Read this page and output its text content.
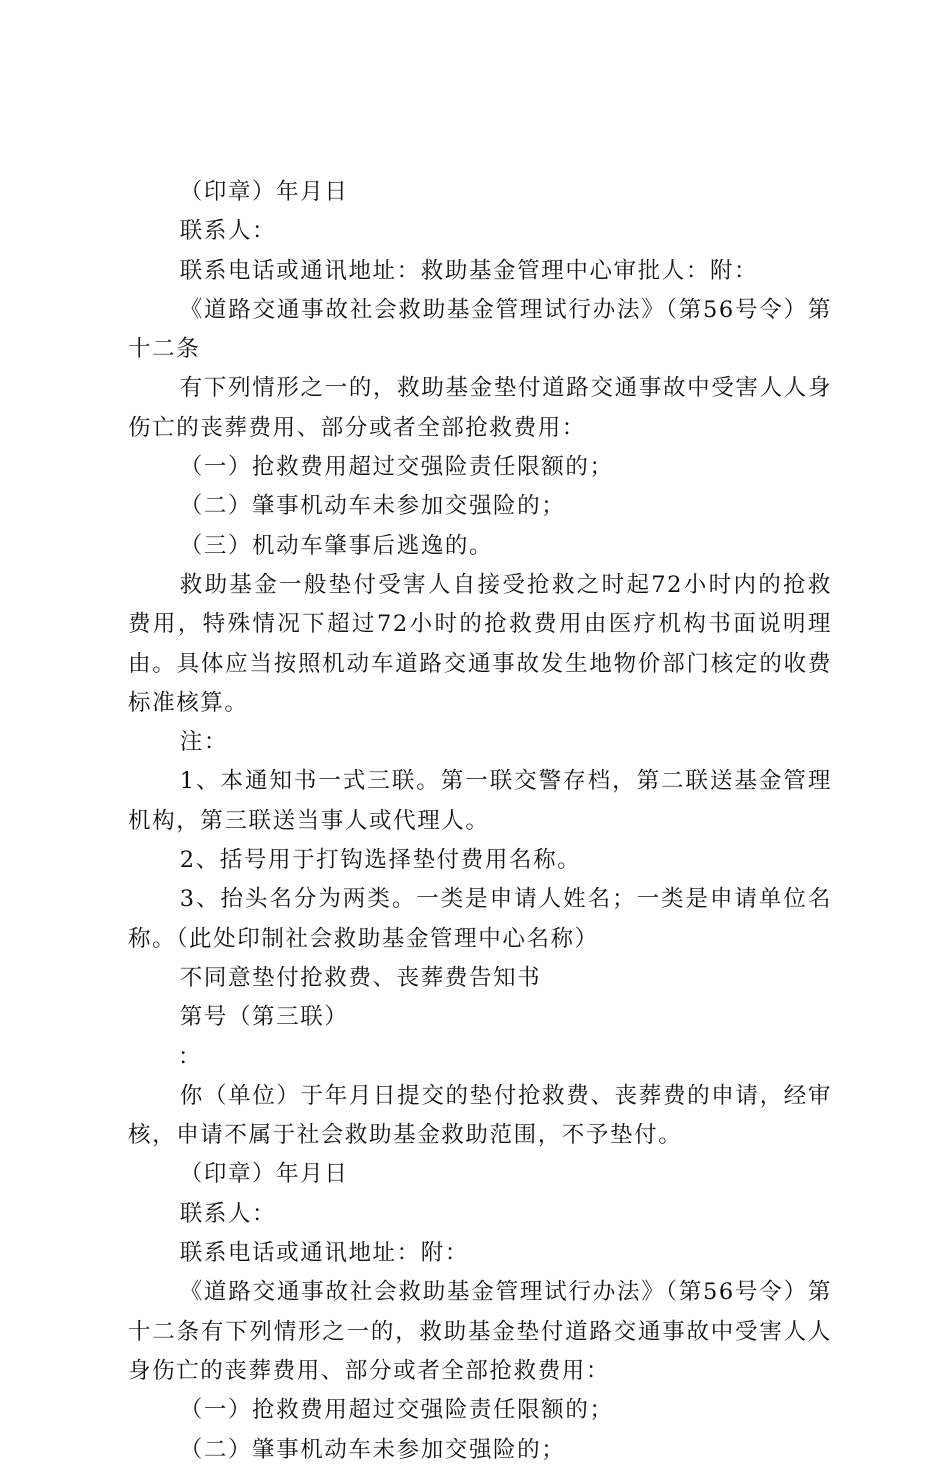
（印章）年月日

联系人：

联系电话或通讯地址：救助基金管理中心审批人：附：

《道路交通事故社会救助基金管理试行办法》（第56号令）第十二条

有下列情形之一的，救助基金垫付道路交通事故中受害人人身伤亡的丧葬费用、部分或者全部抢救费用：

（一）抢救费用超过交强险责任限额的；

（二）肇事机动车未参加交强险的；

（三）机动车肇事后逃逸的。

救助基金一般垫付受害人自接受抢救之时起72小时内的抢救费用，特殊情况下超过72小时的抢救费用由医疗机构书面说明理由。具体应当按照机动车道路交通事故发生地物价部门核定的收费标准核算。

注：

1、本通知书一式三联。第一联交警存档，第二联送基金管理机构，第三联送当事人或代理人。

2、括号用于打钩选择垫付费用名称。

3、抬头名分为两类。一类是申请人姓名；一类是申请单位名称。（此处印制社会救助基金管理中心名称）

不同意垫付抢救费、丧葬费告知书

第号（第三联）

：

你（单位）于年月日提交的垫付抢救费、丧葬费的申请，经审核，申请不属于社会救助基金救助范围，不予垫付。

（印章）年月日

联系人：

联系电话或通讯地址：附：

《道路交通事故社会救助基金管理试行办法》（第56号令）第十二条有下列情形之一的，救助基金垫付道路交通事故中受害人人身伤亡的丧葬费用、部分或者全部抢救费用：

（一）抢救费用超过交强险责任限额的；

（二）肇事机动车未参加交强险的；
